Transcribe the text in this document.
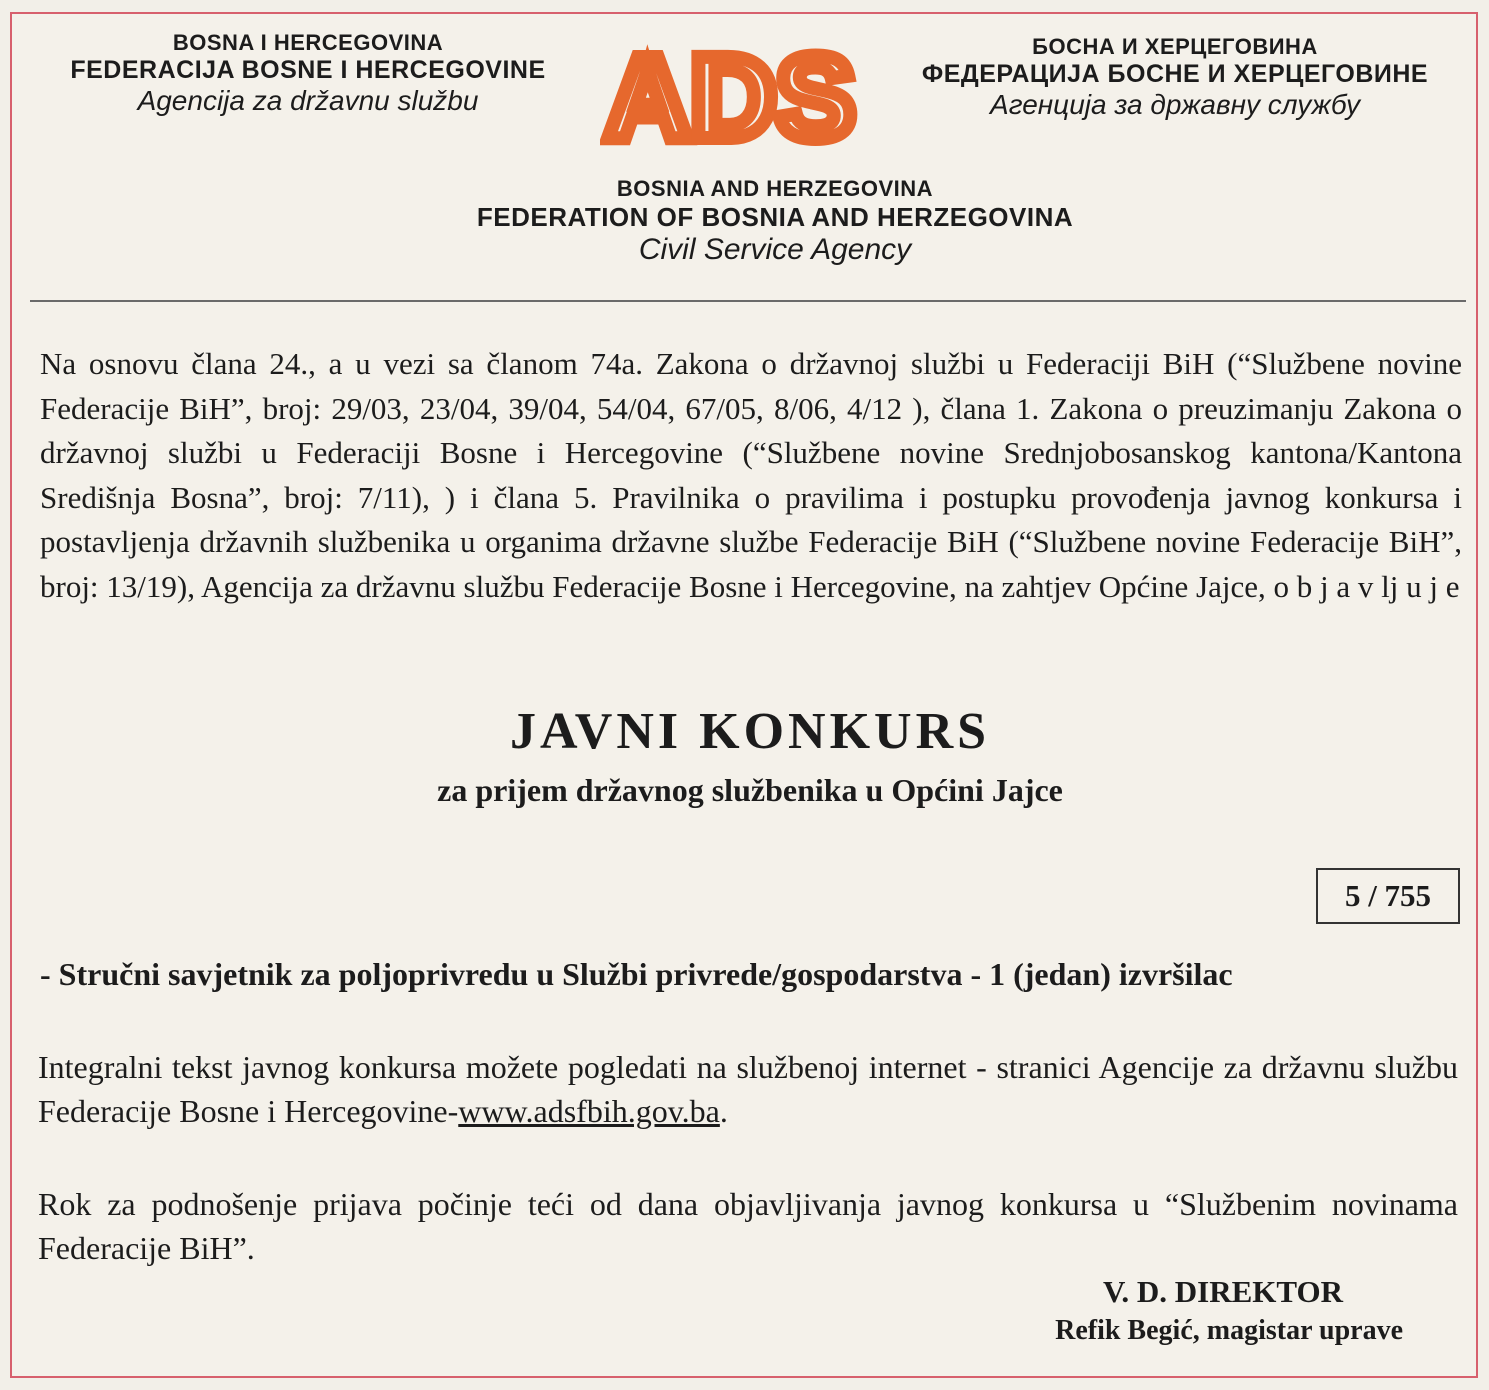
BOSNA I HERCEGOVINA
FEDERACIJA BOSNE I HERCEGOVINE
Agencija za državnu službu	ADS	БОСНА И ХЕРЦЕГОВИНА
ФЕДЕРАЦИЈА БОСНЕ И ХЕРЦЕГОВИНЕ
Агенција за државну службу
BOSNIA AND HERZEGOVINA
FEDERATION OF BOSNIA AND HERZEGOVINA
Civil Service Agency
Na osnovu člana 24., a u vezi sa članom 74a. Zakona o državnoj službi u Federaciji BiH (“Službene novine Federacije BiH”, broj: 29/03, 23/04, 39/04, 54/04, 67/05, 8/06, 4/12 ), člana 1. Zakona o preuzimanju Zakona o državnoj službi u Federaciji Bosne i Hercegovine (“Službene novine Srednjobosanskog kantona/Kantona Središnja Bosna”, broj: 7/11), ) i člana 5. Pravilnika o pravilima i postupku provođenja javnog konkursa i postavljenja državnih službenika u organima državne službe Federacije BiH (“Službene novine Federacije BiH”, broj: 13/19), Agencija za državnu službu Federacije Bosne i Hercegovine, na zahtjev Općine Jajce, o b j a v lj u j e
JAVNI KONKURS
za prijem državnog službenika u Općini Jajce
5 / 755
- Stručni savjetnik za poljoprivredu u Službi privrede/gospodarstva - 1 (jedan) izvršilac
Integralni tekst javnog konkursa možete pogledati na službenoj internet - stranici Agencije za državnu službu Federacije Bosne i Hercegovine-www.adsfbih.gov.ba.
Rok za podnošenje prijava počinje teći od dana objavljivanja javnog konkursa u “Službenim novinama Federacije BiH”.
V. D. DIREKTOR
Refik Begić, magistar uprave
